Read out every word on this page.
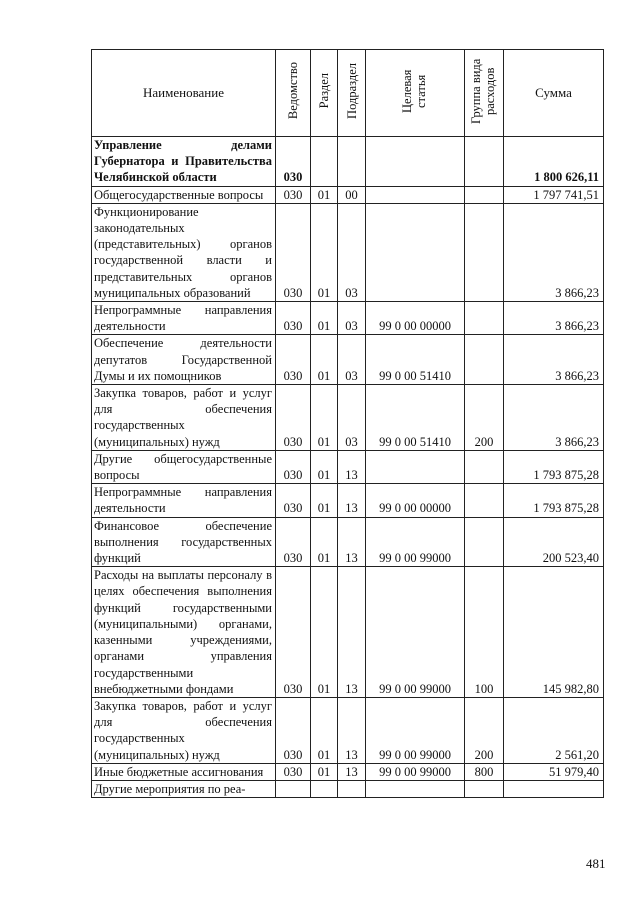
Наименование	Ведомство	Раздел	Подраздел	Целевая статья	Группа вида расходов	Сумма
Управление делами Губернатора и Правительства Челябинской области	030					1 800 626,11
Общегосударственные вопросы	030	01	00			1 797 741,51
Функционирование законодательных (представительных) органов государственной власти и представительных органов муниципальных образований	030	01	03			3 866,23
Непрограммные направления деятельности	030	01	03	99 0 00 00000		3 866,23
Обеспечение деятельности депутатов Государственной Думы и их помощников	030	01	03	99 0 00 51410		3 866,23
Закупка товаров, работ и услуг для обеспечения государственных (муниципальных) нужд	030	01	03	99 0 00 51410	200	3 866,23
Другие общегосударственные вопросы	030	01	13			1 793 875,28
Непрограммные направления деятельности	030	01	13	99 0 00 00000		1 793 875,28
Финансовое обеспечение выполнения государственных функций	030	01	13	99 0 00 99000		200 523,40
Расходы на выплаты персоналу в целях обеспечения выполнения функций государственными (муниципальными) органами, казенными учреждениями, органами управления государственными внебюджетными фондами	030	01	13	99 0 00 99000	100	145 982,80
Закупка товаров, работ и услуг для обеспечения государственных (муниципальных) нужд	030	01	13	99 0 00 99000	200	2 561,20
Иные бюджетные ассигнования	030	01	13	99 0 00 99000	800	51 979,40
Другие мероприятия по реа-						
481
